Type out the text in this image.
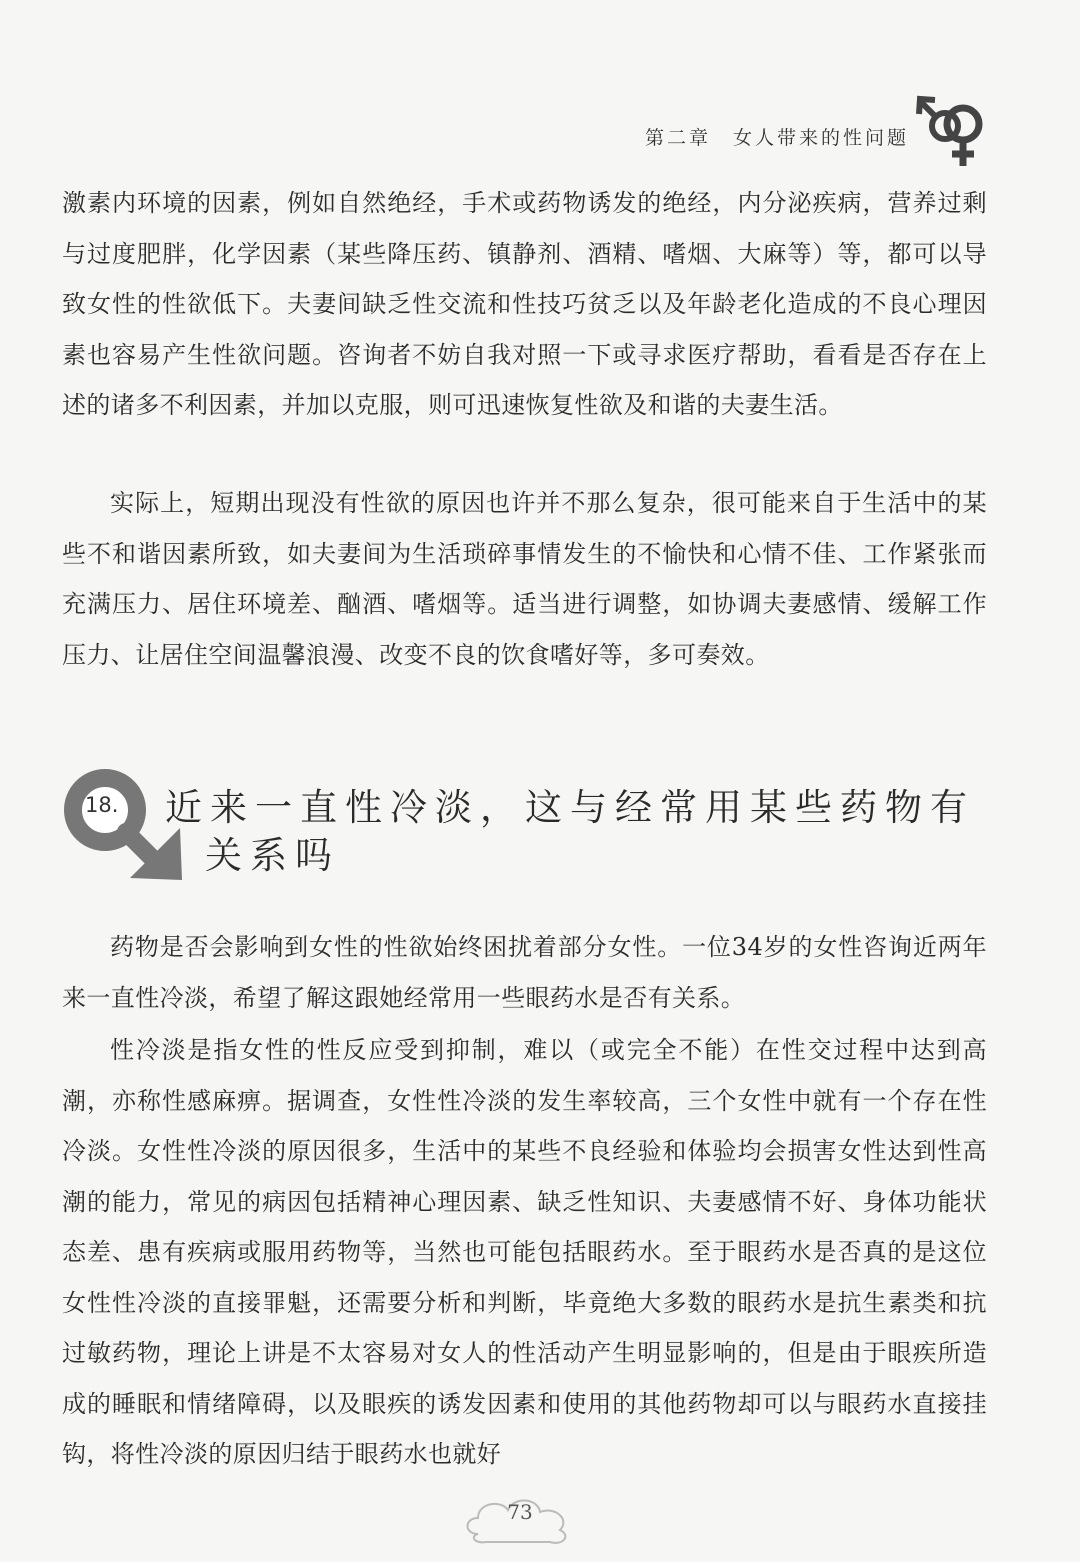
第二章　女人带来的性问题

激素内环境的因素，例如自然绝经，手术或药物诱发的绝经，内分泌疾病，营养过剩与过度肥胖，化学因素（某些降压药、镇静剂、酒精、嗜烟、大麻等）等，都可以导致女性的性欲低下。夫妻间缺乏性交流和性技巧贫乏以及年龄老化造成的不良心理因素也容易产生性欲问题。咨询者不妨自我对照一下或寻求医疗帮助，看看是否存在上述的诸多不利因素，并加以克服，则可迅速恢复性欲及和谐的夫妻生活。

实际上，短期出现没有性欲的原因也许并不那么复杂，很可能来自于生活中的某些不和谐因素所致，如夫妻间为生活琐碎事情发生的不愉快和心情不佳、工作紧张而充满压力、居住环境差、酗酒、嗜烟等。适当进行调整，如协调夫妻感情、缓解工作压力、让居住空间温馨浪漫、改变不良的饮食嗜好等，多可奏效。

18. 近来一直性冷淡，这与经常用某些药物有
关系吗

药物是否会影响到女性的性欲始终困扰着部分女性。一位34岁的女性咨询近两年来一直性冷淡，希望了解这跟她经常用一些眼药水是否有关系。

性冷淡是指女性的性反应受到抑制，难以（或完全不能）在性交过程中达到高潮，亦称性感麻痹。据调查，女性性冷淡的发生率较高，三个女性中就有一个存在性冷淡。女性性冷淡的原因很多，生活中的某些不良经验和体验均会损害女性达到性高潮的能力，常见的病因包括精神心理因素、缺乏性知识、夫妻感情不好、身体功能状态差、患有疾病或服用药物等，当然也可能包括眼药水。至于眼药水是否真的是这位女性性冷淡的直接罪魁，还需要分析和判断，毕竟绝大多数的眼药水是抗生素类和抗过敏药物，理论上讲是不太容易对女人的性活动产生明显影响的，但是由于眼疾所造成的睡眠和情绪障碍，以及眼疾的诱发因素和使用的其他药物却可以与眼药水直接挂钩，将性冷淡的原因归结于眼药水也就好

73
